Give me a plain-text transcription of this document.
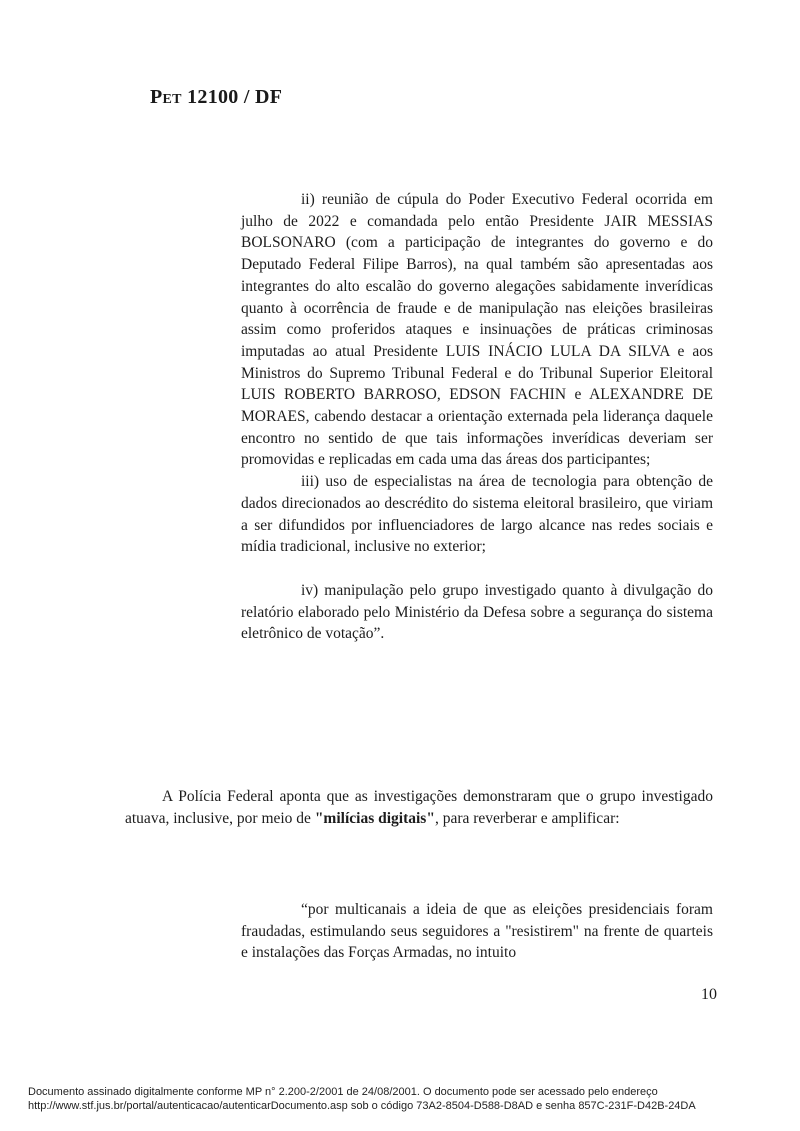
Pet 12100 / DF

ii) reunião de cúpula do Poder Executivo Federal ocorrida em julho de 2022 e comandada pelo então Presidente JAIR MESSIAS BOLSONARO (com a participação de integrantes do governo e do Deputado Federal Filipe Barros), na qual também são apresentadas aos integrantes do alto escalão do governo alegações sabidamente inverídicas quanto à ocorrência de fraude e de manipulação nas eleições brasileiras assim como proferidos ataques e insinuações de práticas criminosas imputadas ao atual Presidente LUIS INÁCIO LULA DA SILVA e aos Ministros do Supremo Tribunal Federal e do Tribunal Superior Eleitoral LUIS ROBERTO BARROSO, EDSON FACHIN e ALEXANDRE DE MORAES, cabendo destacar a orientação externada pela liderança daquele encontro no sentido de que tais informações inverídicas deveriam ser promovidas e replicadas em cada uma das áreas dos participantes;

iii) uso de especialistas na área de tecnologia para obtenção de dados direcionados ao descrédito do sistema eleitoral brasileiro, que viriam a ser difundidos por influenciadores de largo alcance nas redes sociais e mídia tradicional, inclusive no exterior;

iv) manipulação pelo grupo investigado quanto à divulgação do relatório elaborado pelo Ministério da Defesa sobre a segurança do sistema eletrônico de votação”.

A Polícia Federal aponta que as investigações demonstraram que o grupo investigado atuava, inclusive, por meio de "milícias digitais", para reverberar e amplificar:

“por multicanais a ideia de que as eleições presidenciais foram fraudadas, estimulando seus seguidores a "resistirem" na frente de quarteis e instalações das Forças Armadas, no intuito

10
Documento assinado digitalmente conforme MP n° 2.200-2/2001 de 24/08/2001. O documento pode ser acessado pelo endereço
http://www.stf.jus.br/portal/autenticacao/autenticarDocumento.asp sob o código 73A2-8504-D588-D8AD e senha 857C-231F-D42B-24DA
